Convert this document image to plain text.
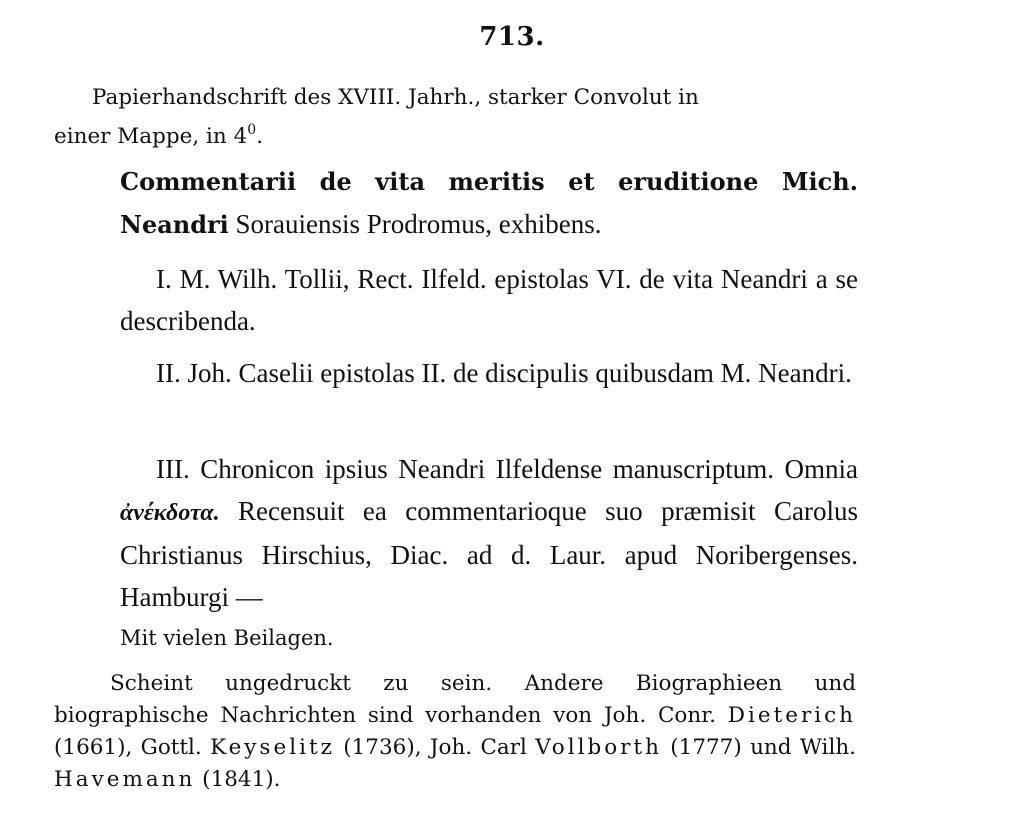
713.
Papierhandschrift des XVIII. Jahrh., starker Convolut in
einer Mappe, in $4^0$.
Commentarii de vita meritis et eruditione Mich. Neandri Sorauiensis Prodromus, exhibens.
I. M. Wilh. Tollii, Rect. Ilfeld. epistolas VI. de vita Neandri a se describenda.
II. Joh. Caselii epistolas II. de discipulis quibusdam M. Neandri.
III. Chronicon ipsius Neandri Ilfeldense manuscriptum. Omnia ἀνέκδοτα. Recensuit ea commentarioque suo præmisit Carolus Christianus Hirschius, Diac. ad d. Laur. apud Noribergenses. Hamburgi —
Mit vielen Beilagen.
Scheint ungedruckt zu sein. Andere Biographieen und biographische Nachrichten sind vorhanden von Joh. Conr. Dieterich (1661), Gottl. Keyselitz (1736), Joh. Carl Vollborth (1777) und Wilh. Havemann (1841).
